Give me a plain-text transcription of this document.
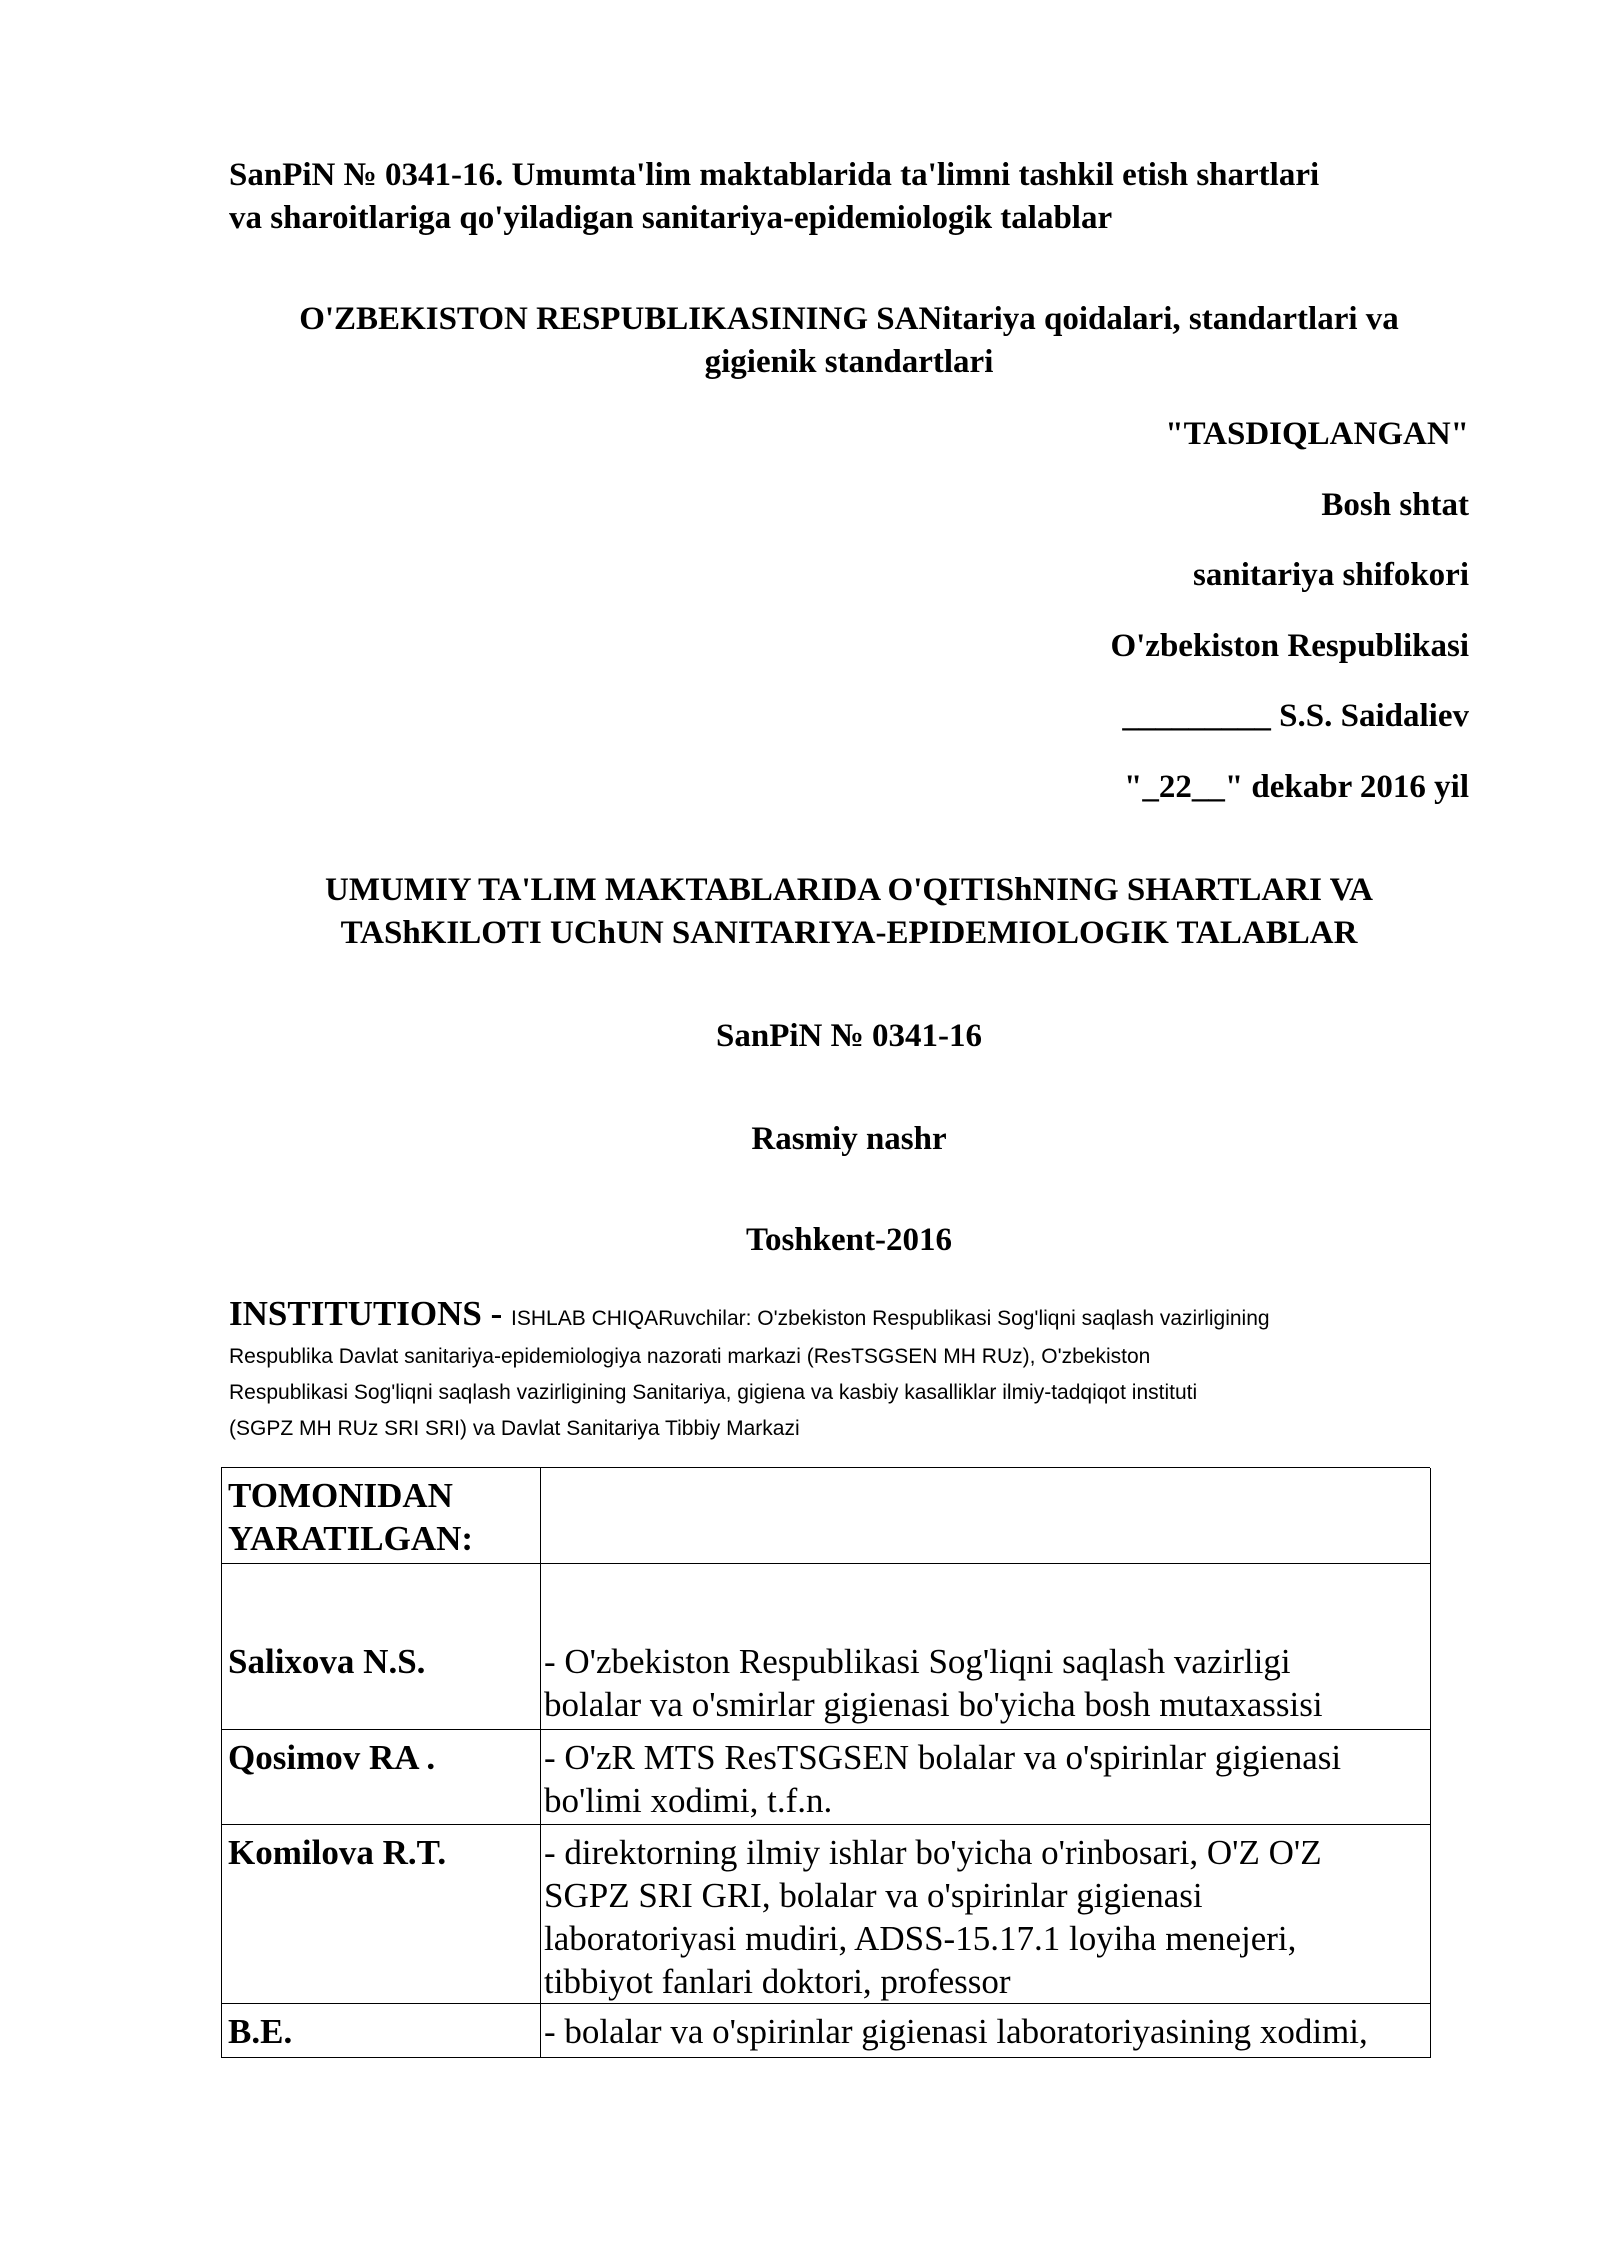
SanPiN № 0341-16. Umumta'lim maktablarida ta'limni tashkil etish shartlari
va sharoitlariga qo'yiladigan sanitariya-epidemiologik talablar
O'ZBEKISTON RESPUBLIKASINING SANitariya qoidalari, standartlari va
gigienik standartlari
"TASDIQLANGAN"
Bosh shtat
sanitariya shifokori
O'zbekiston Respublikasi
_________ S.S. Saidaliev
"_22__" dekabr 2016 yil
UMUMIY TA'LIM MAKTABLARIDA O'QITIShNING SHARTLARI VA
TAShKILOTI UChUN SANITARIYA-EPIDEMIOLOGIK TALABLAR
SanPiN № 0341-16
Rasmiy nashr
Toshkent-2016
INSTITUTIONS - ISHLAB CHIQARuvchilar: O'zbekiston Respublikasi Sog'liqni saqlash vazirligining
Respublika Davlat sanitariya-epidemiologiya nazorati markazi (ResTSGSEN MH RUz), O'zbekiston
Respublikasi Sog'liqni saqlash vazirligining Sanitariya, gigiena va kasbiy kasalliklar ilmiy-tadqiqot instituti
(SGPZ MH RUz SRI SRI) va Davlat Sanitariya Tibbiy Markazi
TOMONIDAN
YARATILGAN:
Salixova N.S.
	- O'zbekiston Respublikasi Sog'liqni saqlash vazirligi
bolalar va o'smirlar gigienasi bo'yicha bosh mutaxassisi
Qosimov RA .	- O'zR MTS ResTSGSEN bolalar va o'spirinlar gigienasi
bo'limi xodimi, t.f.n.
Komilova R.T.	- direktorning ilmiy ishlar bo'yicha o'rinbosari, O'Z O'Z
SGPZ SRI GRI, bolalar va o'spirinlar gigienasi
laboratoriyasi mudiri, ADSS-15.17.1 loyiha menejeri,
tibbiyot fanlari doktori, professor
B.E.	- bolalar va o'spirinlar gigienasi laboratoriyasining xodimi,
